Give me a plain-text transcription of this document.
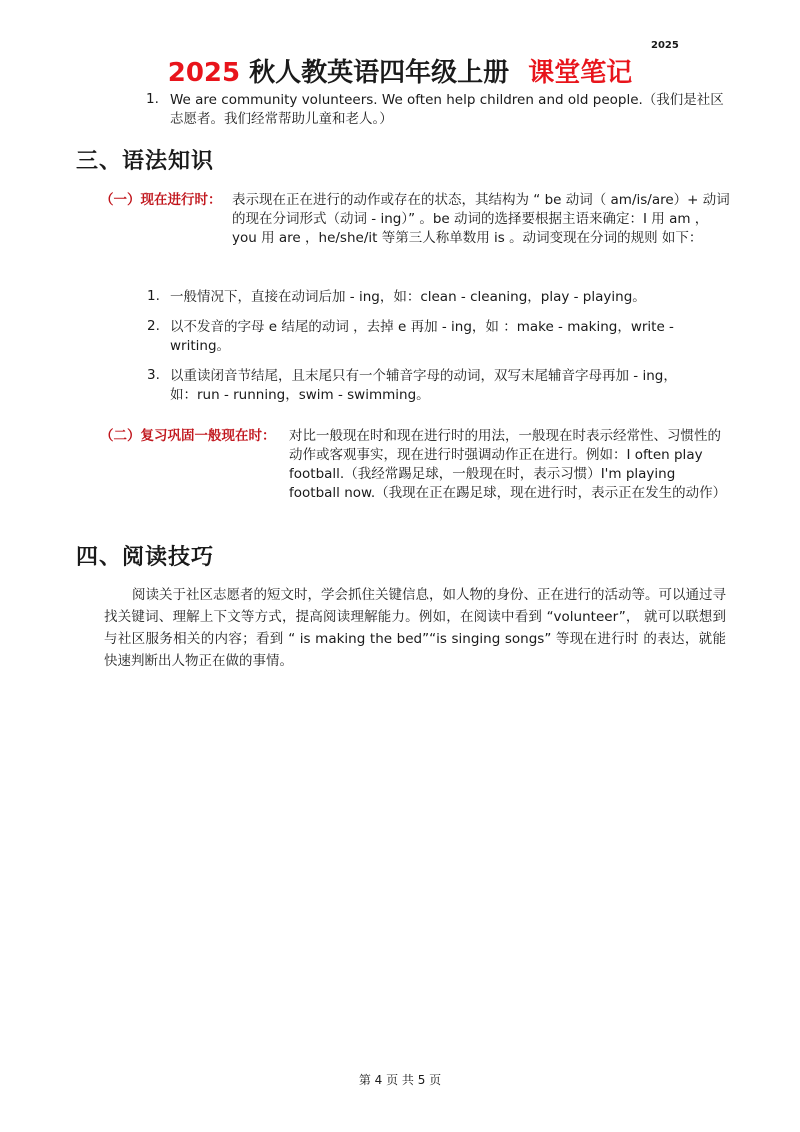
2025
2025 秋人教英语四年级上册 课堂笔记
1. We are community volunteers. We often help children and old people.（我们是社区志愿者。我们经常帮助儿童和老人。）
三、语法知识
（一）现在进行时： 表示现在正在进行的动作或存在的状态，其结构为 “ be 动词（ am/is/are）+ 动词的现在分词形式（动词 - ing）” 。be 动词的选择要根据主语来确定：I 用 am ，you 用 are ，he/she/it 等第三人称单数用 is 。动词变现在分词的规则 如下：
1. 一般情况下，直接在动词后加 - ing，如：clean - cleaning，play - playing。
2. 以不发音的字母 e 结尾的动词 ，去掉 e 再加 - ing，如 ：make - making，write - writing。
3. 以重读闭音节结尾，且末尾只有一个辅音字母的动词，双写末尾辅音字母再加 - ing， 如：run - running，swim - swimming。
（二）复习巩固一般现在时： 对比一般现在时和现在进行时的用法，一般现在时表示经常性、习惯性的动作或客观事实，现在进行时强调动作正在进行。例如：I often play football.（我经常踢足球，一般现在时，表示习惯）I'm playing football now.（我现在正在踢足球，现在进行时，表示正在发生的动作）
四、阅读技巧
阅读关于社区志愿者的短文时，学会抓住关键信息，如人物的身份、正在进行的活动等。可以通过寻找关键词、理解上下文等方式，提高阅读理解能力。例如，在阅读中看到 “volunteer”， 就可以联想到与社区服务相关的内容；看到 “ is making the bed”“is singing songs” 等现在进行时 的表达，就能快速判断出人物正在做的事情。
第 4 页 共 5 页
